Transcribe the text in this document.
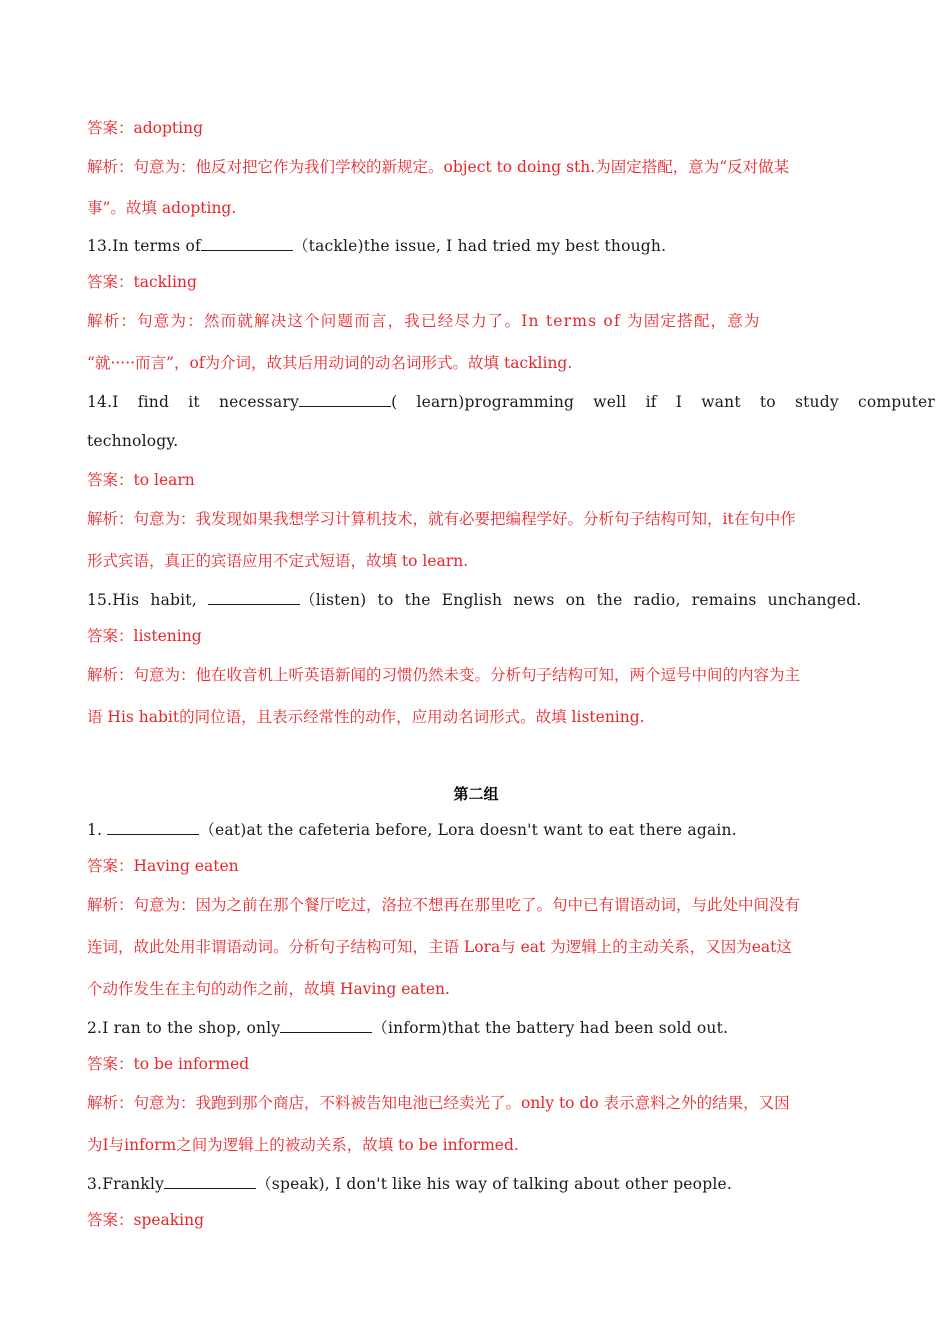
答案：adopting
解析：句意为：他反对把它作为我们学校的新规定。object to doing sth.为固定搭配，意为“反对做某
事”。故填 adopting.
13.In terms of	（tackle)the issue, I had tried my best though.
答案：tackling
解析：句意为：然而就解决这个问题而言，我已经尽力了。In terms of 为固定搭配，意为
“就·····而言”，of为介词，故其后用动词的动名词形式。故填 tackling.
14.I find it necessary	( learn)programming well if I want to study computer
technology.
答案：to learn
解析：句意为：我发现如果我想学习计算机技术，就有必要把编程学好。分析句子结构可知，it在句中作
形式宾语，真正的宾语应用不定式短语，故填 to learn.
15.His habit,	（listen) to the English news on the radio, remains unchanged.
答案：listening
解析：句意为：他在收音机上听英语新闻的习惯仍然未变。分析句子结构可知，两个逗号中间的内容为主
语 His habit的同位语，且表示经常性的动作，应用动名词形式。故填 listening.
第二组
1.	（eat)at the cafeteria before, Lora doesn't want to eat there again.
答案：Having eaten
解析：句意为：因为之前在那个餐厅吃过，洛拉不想再在那里吃了。句中已有谓语动词，与此处中间没有
连词，故此处用非谓语动词。分析句子结构可知，主语 Lora与 eat 为逻辑上的主动关系，又因为eat这
个动作发生在主句的动作之前，故填 Having eaten.
2.I ran to the shop, only	（inform)that the battery had been sold out.
答案：to be informed
解析：句意为：我跑到那个商店，不料被告知电池已经卖光了。only to do 表示意料之外的结果，又因
为I与inform之间为逻辑上的被动关系，故填 to be informed.
3.Frankly	（speak), I don't like his way of talking about other people.
答案：speaking
